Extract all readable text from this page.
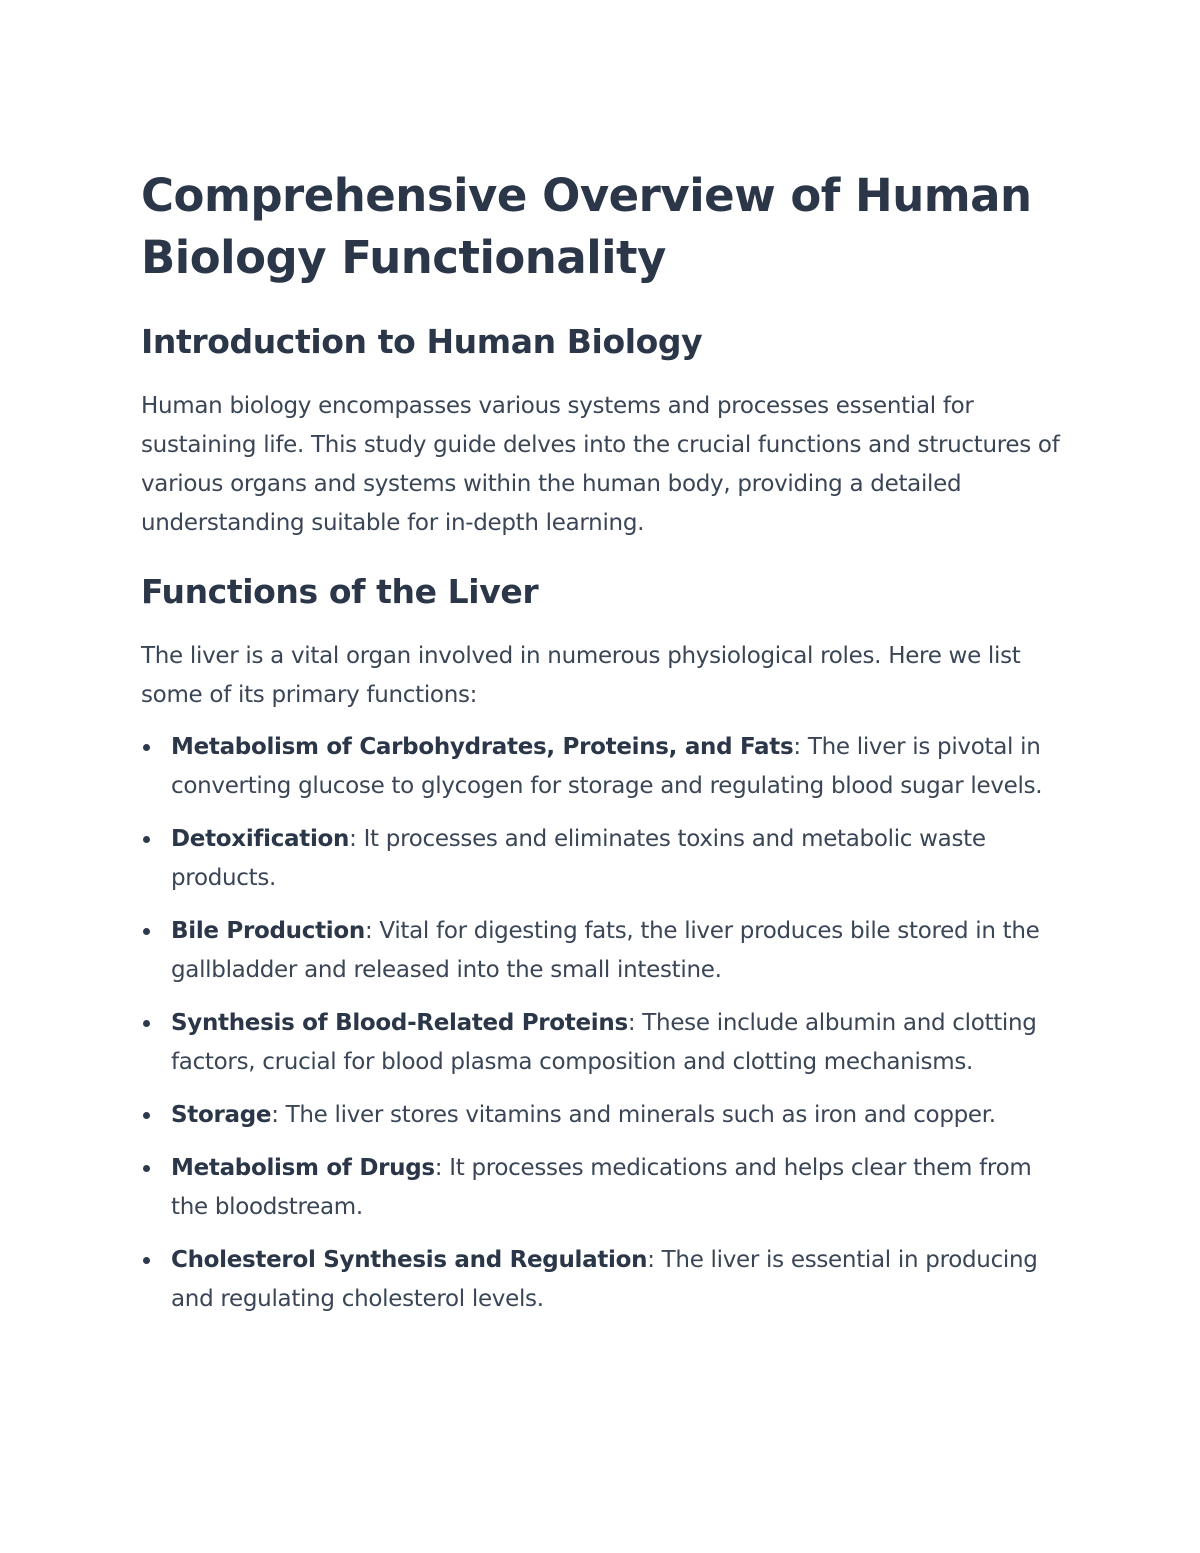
Comprehensive Overview of Human Biology Functionality
Introduction to Human Biology

Human biology encompasses various systems and processes essential for sustaining life. This study guide delves into the crucial functions and structures of various organs and systems within the human body, providing a detailed understanding suitable for in-depth learning.

Functions of the Liver

The liver is a vital organ involved in numerous physiological roles. Here we list some of its primary functions:

Metabolism of Carbohydrates, Proteins, and Fats: The liver is pivotal in converting glucose to glycogen for storage and regulating blood sugar levels.
Detoxification: It processes and eliminates toxins and metabolic waste products.
Bile Production: Vital for digesting fats, the liver produces bile stored in the gallbladder and released into the small intestine.
Synthesis of Blood-Related Proteins: These include albumin and clotting factors, crucial for blood plasma composition and clotting mechanisms.
Storage: The liver stores vitamins and minerals such as iron and copper.
Metabolism of Drugs: It processes medications and helps clear them from the bloodstream.
Cholesterol Synthesis and Regulation: The liver is essential in producing and regulating cholesterol levels.
